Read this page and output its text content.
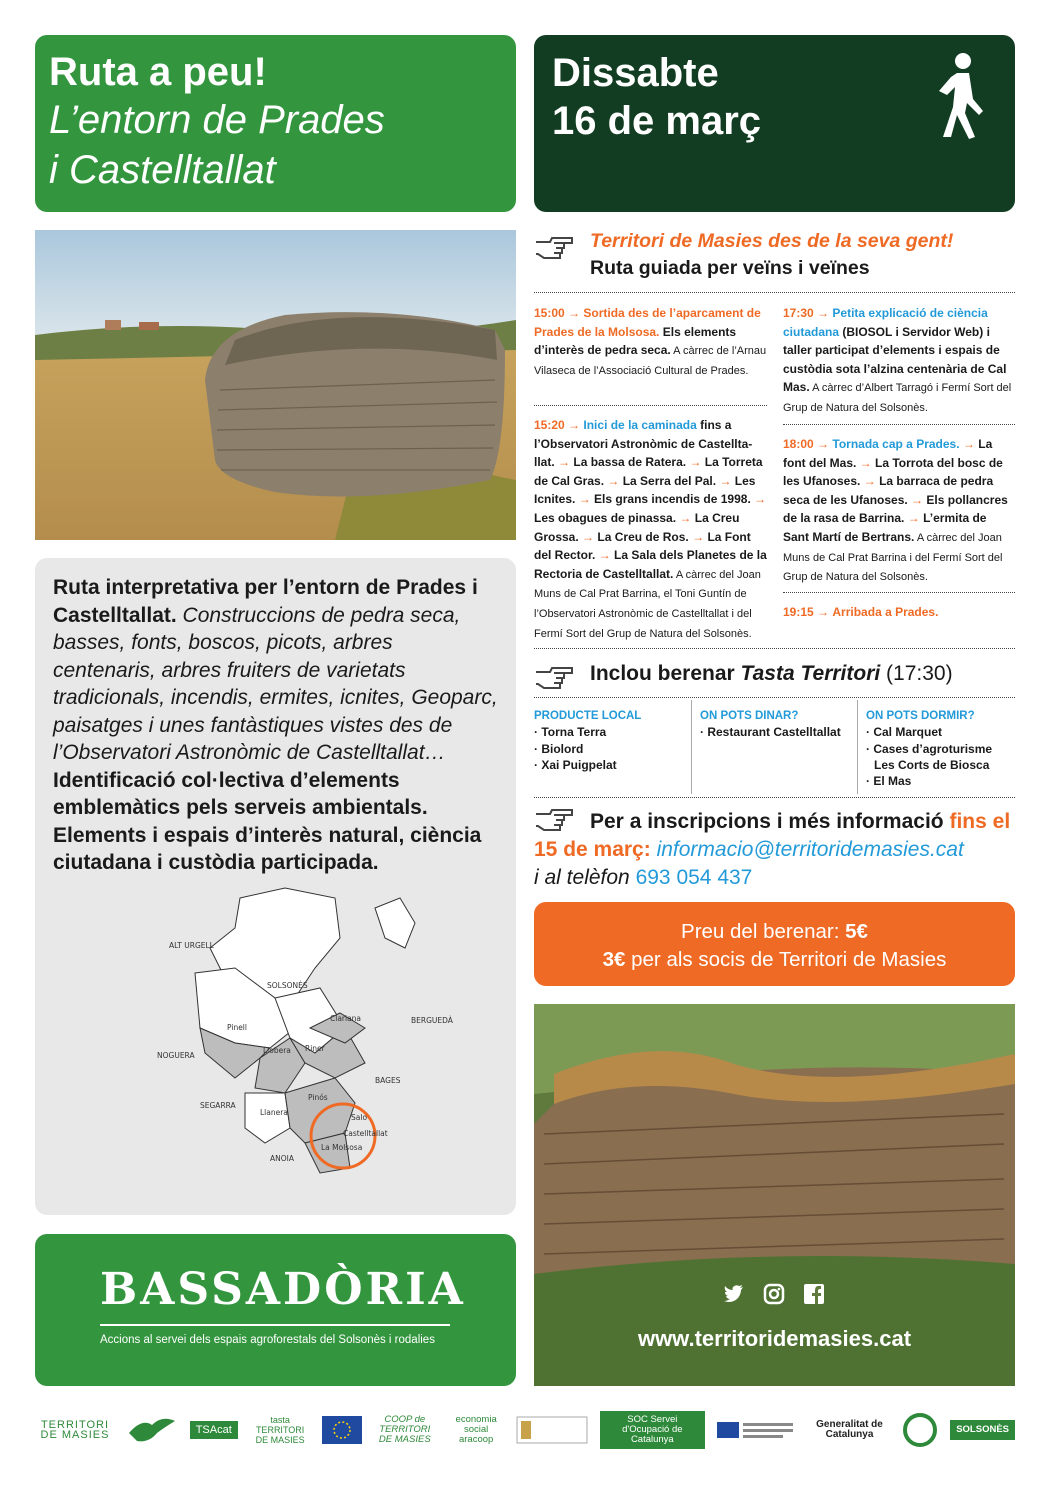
Ruta a peu!
L’entorn de Prades
i Castelltallat
Dissabte
16 de març

Ruta interpretativa per l’entorn de Prades i Castelltallat. Construccions de pedra seca, basses, fonts, boscos, picots, arbres centenaris, arbres fruiters de varietats tradicionals, incendis, ermites, icnites, Geoparc, paisatges i unes fantàstiques vistes des de l’Observatori Astronòmic de Castelltallat… Identificació col·lectiva d’elements emblemàtics pels serveis ambientals. Elements i espais d’interès natural, ciència ciutadana i custòdia participada.

ALT URGELL
SOLSONÈS
BERGUEDÀ
NOGUERA
BAGES
SEGARRA
ANOIA
Pinell
Clariana
Llobera Riner
Llanera
Pinós
Salo
Castelltallat
La Molsosa
BASSADÒRIA
Accions al servei dels espais agroforestals del Solsonès i rodalies
Territori de Masies des de la seva gent!
Ruta guiada per veïns i veïnes
15:00 → Sortida des de l’aparcament de Prades de la Molsosa. Els elements d’interès de pedra seca. A càrrec de l’Arnau Vilaseca de l’Associació Cultural de Prades.
15:20 → Inici de la caminada fins a l’Observatori Astronòmic de Castellta-llat. → La bassa de Ratera. → La Torreta de Cal Gras. → La Serra del Pal. → Les Icnites. → Els grans incendis de 1998. → Les obagues de pinassa. → La Creu Grossa. → La Creu de Ros. → La Font del Rector. → La Sala dels Planetes de la Rectoria de Castelltallat. A càrrec del Joan Muns de Cal Prat Barrina, el Toni Guntín de l’Observatori Astronòmic de Castelltallat i del Fermí Sort del Grup de Natura del Solsonès.
17:30 → Petita explicació de ciència ciutadana (BIOSOL i Servidor Web) i taller participat d’elements i espais de custòdia sota l’alzina centenària de Cal Mas. A càrrec d’Albert Tarragó i Fermí Sort del Grup de Natura del Solsonès.
18:00 → Tornada cap a Prades. → La font del Mas. → La Torrota del bosc de les Ufanoses. → La barraca de pedra seca de les Ufanoses. → Els pollancres de la rasa de Barrina. → L’ermita de Sant Martí de Bertrans. A càrrec del Joan Muns de Cal Prat Barrina i del Fermí Sort del Grup de Natura del Solsonès.
19:15 → Arribada a Prades.
Inclou berenar Tasta Territori (17:30)
PRODUCTE LOCAL
· Torna Terra
· Biolord
· Xai Puigpelat
ON POTS DINAR?
· Restaurant Castelltallat
ON POTS DORMIR?
· Cal Marquet
· Cases d’agroturisme
Les Corts de Biosca
· El Mas
Per a inscripcions i més informació fins el 15 de març: informacio@territoridemasies.cat
i al telèfon 693 054 437
Preu del berenar: 5€
3€ per als socis de Territori de Masies
www.territoridemasies.cat
TERRITORI DE MASIES	TSAcat
tasta TERRITORI DE MASIES
COOP de TERRITORI DE MASIES
economia social aracoop
SOC Servei d'Ocupació de Catalunya
Generalitat de Catalunya	SOLSONÈS
